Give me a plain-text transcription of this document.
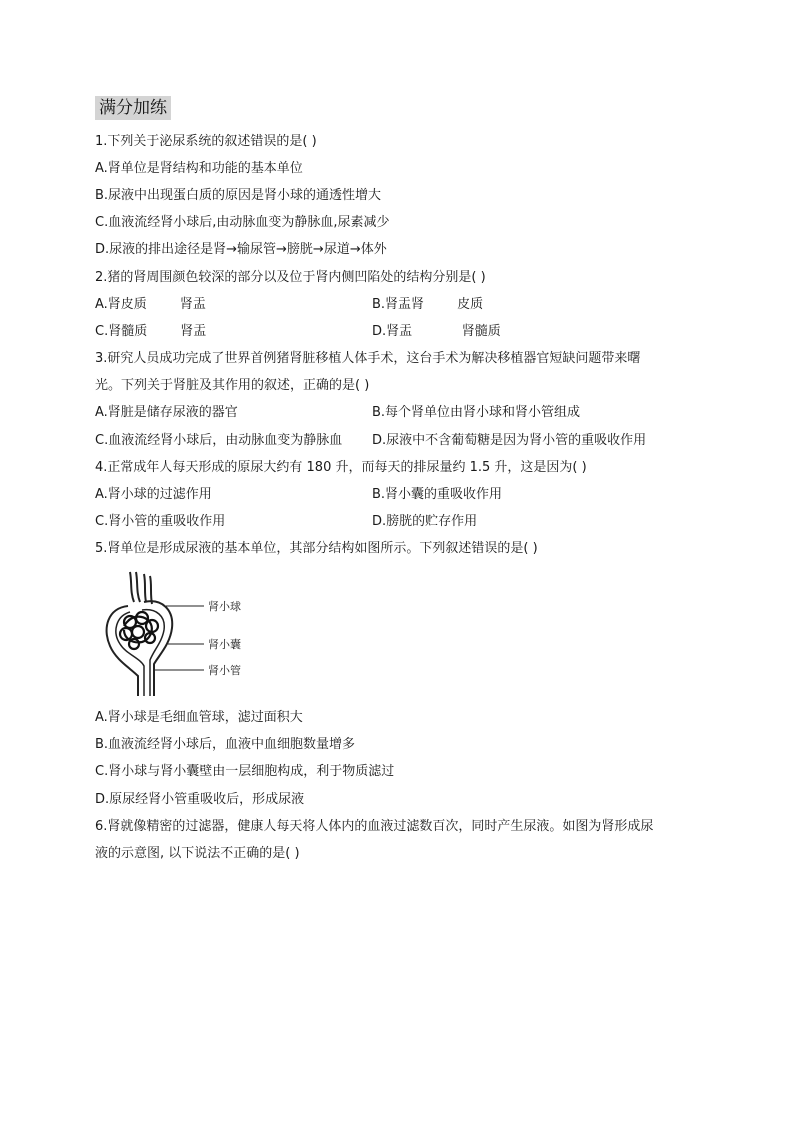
满分加练
1.下列关于泌尿系统的叙述错误的是( )
A.肾单位是肾结构和功能的基本单位
B.尿液中出现蛋白质的原因是肾小球的通透性增大
C.血液流经肾小球后,由动脉血变为静脉血,尿素减少
D.尿液的排出途径是肾→输尿管→膀胱→尿道→体外
2.猪的肾周围颜色较深的部分以及位于肾内侧凹陷处的结构分别是( )
A.肾皮质        肾盂	B.肾盂肾        皮质
C.肾髓质        肾盂	D.肾盂            肾髓质
3.研究人员成功完成了世界首例猪肾脏移植人体手术，这台手术为解决移植器官短缺问题带来曙
光。下列关于肾脏及其作用的叙述，正确的是( )
A.肾脏是储存尿液的器官	B.每个肾单位由肾小球和肾小管组成
C.血液流经肾小球后，由动脉血变为静脉血 D.尿液中不含葡萄糖是因为肾小管的重吸收作用
4.正常成年人每天形成的原尿大约有 180 升，而每天的排尿量约 1.5 升，这是因为( )
A.肾小球的过滤作用	B.肾小囊的重吸收作用
C.肾小管的重吸收作用	D.膀胱的贮存作用
5.肾单位是形成尿液的基本单位，其部分结构如图所示。下列叙述错误的是( )
肾小球
肾小囊
肾小管
A.肾小球是毛细血管球，滤过面积大
B.血液流经肾小球后，血液中血细胞数量增多
C.肾小球与肾小囊壁由一层细胞构成，利于物质滤过
D.原尿经肾小管重吸收后，形成尿液
6.肾就像精密的过滤器，健康人每天将人体内的血液过滤数百次，同时产生尿液。如图为肾形成尿
液的示意图, 以下说法不正确的是( )
